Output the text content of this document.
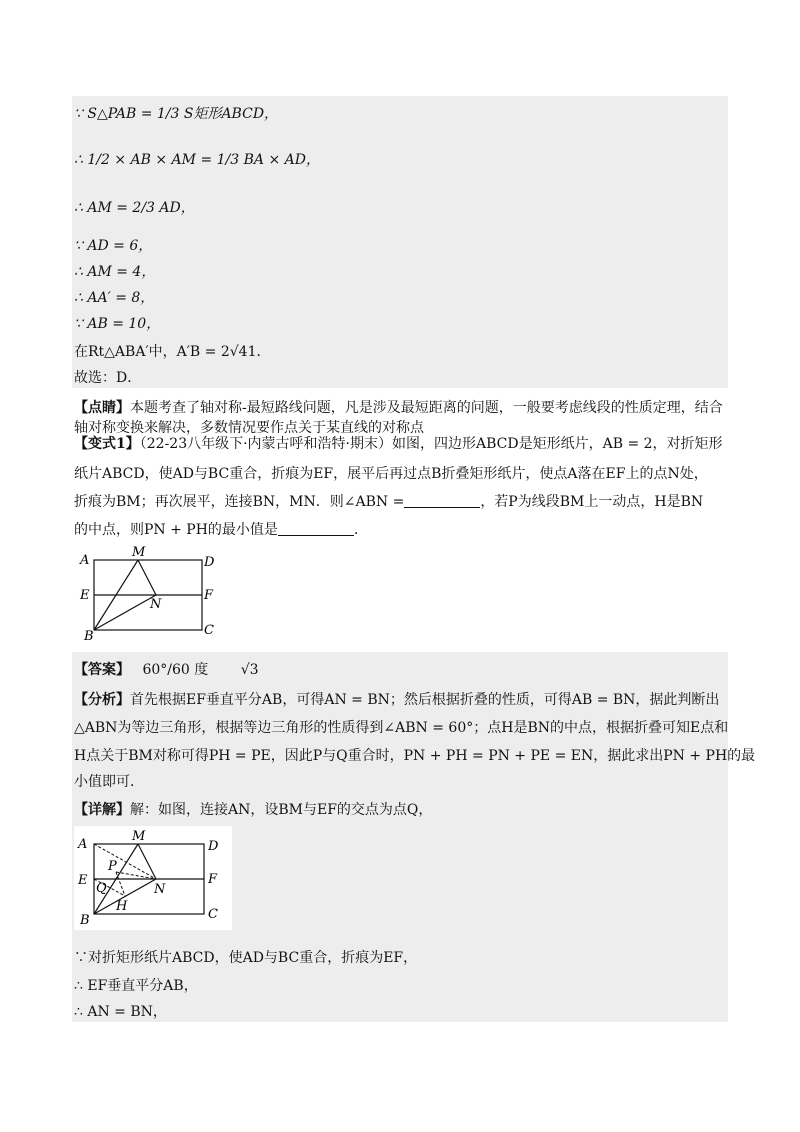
∵ S△PAB = 1/3 S矩形ABCD，
∴ 1/2 × AB × AM = 1/3 BA × AD，
∴ AM = 2/3 AD，
∵ AD = 6，
∴ AM = 4，
∴ AA′ = 8，
∵ AB = 10，
在Rt△ABA′中，A′B = 2√41．
故选：D．
【点睛】本题考查了轴对称-最短路线问题，凡是涉及最短距离的问题，一般要考虑线段的性质定理，结合
轴对称变换来解决，多数情况要作点关于某直线的对称点
【变式1】（22-23八年级下·内蒙古呼和浩特·期末）如图，四边形ABCD是矩形纸片，AB = 2，对折矩形
纸片ABCD，使AD与BC重合，折痕为EF，展平后再过点B折叠矩形纸片，使点A落在EF上的点N处，
折痕为BM；再次展平，连接BN，MN．则∠ABN =	，若P为线段BM上一动点，H是BN
的中点，则PN + PH的最小值是	．
A
M
D
E
N
F
B	C
【答案】 60°/60 度 √3
【分析】首先根据EF垂直平分AB，可得AN = BN；然后根据折叠的性质，可得AB = BN，据此判断出
△ABN为等边三角形，根据等边三角形的性质得到∠ABN = 60°；点H是BN的中点，根据折叠可知E点和
H点关于BM对称可得PH = PE，因此P与Q重合时，PN + PH = PN + PE = EN，据此求出PN + PH的最
小值即可．
【详解】解：如图，连接AN，设BM与EF的交点为点Q，
A
M
D
P
E
Q	N
F
H
B	C
∵对折矩形纸片ABCD，使AD与BC重合，折痕为EF，
∴ EF垂直平分AB，
∴ AN = BN，
